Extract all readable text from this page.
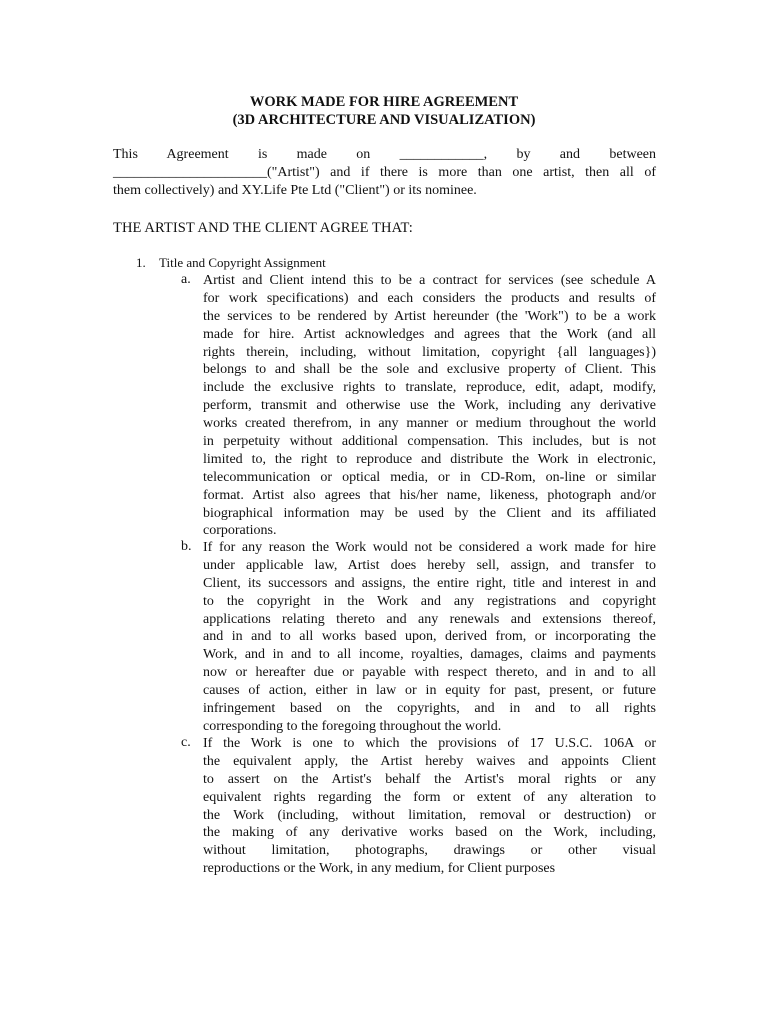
WORK MADE FOR HIRE AGREEMENT
(3D ARCHITECTURE AND VISUALIZATION)
This Agreement is made on ____________, by and between
______________________("Artist") and if there is more than one artist, then all of
them collectively) and XY.Life Pte Ltd ("Client") or its nominee.
THE ARTIST AND THE CLIENT AGREE THAT:
1. Title and Copyright Assignment
a. Artist and Client intend this to be a contract for services (see schedule A
for work specifications) and each considers the products and results of
the services to be rendered by Artist hereunder (the 'Work") to be a work
made for hire. Artist acknowledges and agrees that the Work (and all
rights therein, including, without limitation, copyright {all languages})
belongs to and shall be the sole and exclusive property of Client. This
include the exclusive rights to translate, reproduce, edit, adapt, modify,
perform, transmit and otherwise use the Work, including any derivative
works created therefrom, in any manner or medium throughout the world
in perpetuity without additional compensation. This includes, but is not
limited to, the right to reproduce and distribute the Work in electronic,
telecommunication or optical media, or in CD-Rom, on-line or similar
format. Artist also agrees that his/her name, likeness, photograph and/or
biographical information may be used by the Client and its affiliated
corporations.
b. If for any reason the Work would not be considered a work made for hire
under applicable law, Artist does hereby sell, assign, and transfer to
Client, its successors and assigns, the entire right, title and interest in and
to the copyright in the Work and any registrations and copyright
applications relating thereto and any renewals and extensions thereof,
and in and to all works based upon, derived from, or incorporating the
Work, and in and to all income, royalties, damages, claims and payments
now or hereafter due or payable with respect thereto, and in and to all
causes of action, either in law or in equity for past, present, or future
infringement based on the copyrights, and in and to all rights
corresponding to the foregoing throughout the world.
c. If the Work is one to which the provisions of 17 U.S.C. 106A or
the equivalent apply, the Artist hereby waives and appoints Client
to assert on the Artist's behalf the Artist's moral rights or any
equivalent rights regarding the form or extent of any alteration to
the Work (including, without limitation, removal or destruction) or
the making of any derivative works based on the Work, including,
without limitation, photographs, drawings or other visual
reproductions or the Work, in any medium, for Client purposes
